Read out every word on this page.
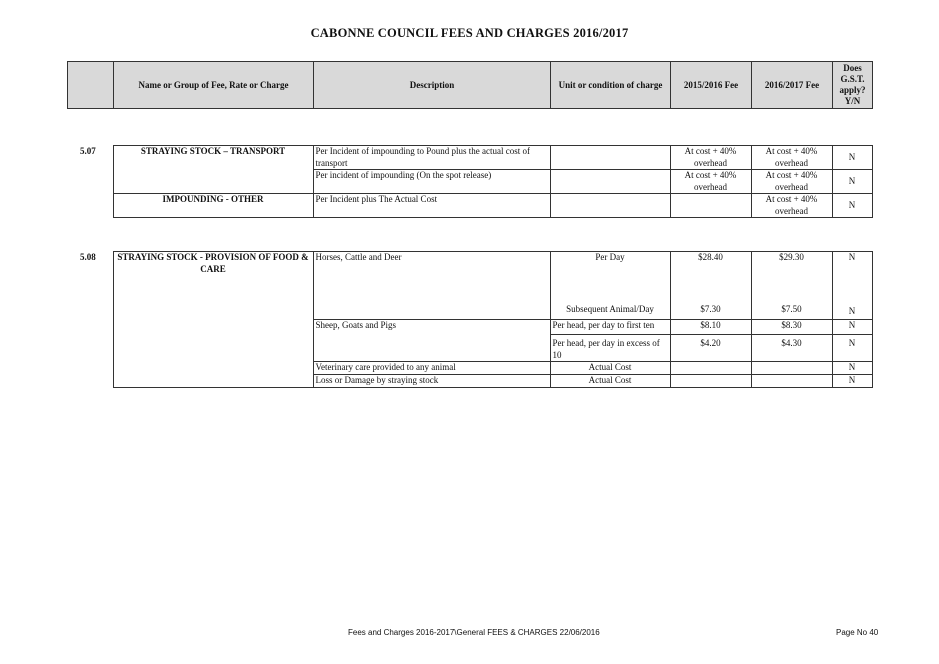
CABONNE COUNCIL FEES AND CHARGES 2016/2017
	Name or Group of Fee, Rate or Charge	Description	Unit or condition of charge	2015/2016 Fee	2016/2017 Fee	Does G.S.T. apply? Y/N
5.07	STRAYING STOCK – TRANSPORT	Per Incident of impounding to Pound plus the actual cost of transport		At cost + 40% overhead	At cost + 40% overhead	N
		Per incident of impounding (On the spot release)		At cost + 40% overhead	At cost + 40% overhead	N
	IMPOUNDING - OTHER	Per Incident plus The Actual Cost			At cost + 40% overhead	N
5.08	STRAYING STOCK - PROVISION OF FOOD & CARE	Horses, Cattle and Deer	Per Day	$28.40	$29.30	N
			Subsequent Animal/Day	$7.30	$7.50	N
		Sheep, Goats and Pigs	Per head, per day to first ten	$8.10	$8.30	N
			Per head, per day in excess of 10	$4.20	$4.30	N
		Veterinary care provided to any animal	Actual Cost			N
		Loss or Damage by straying stock	Actual Cost			N
Fees and Charges 2016-2017\General FEES & CHARGES 22/06/2016	Page No 40
